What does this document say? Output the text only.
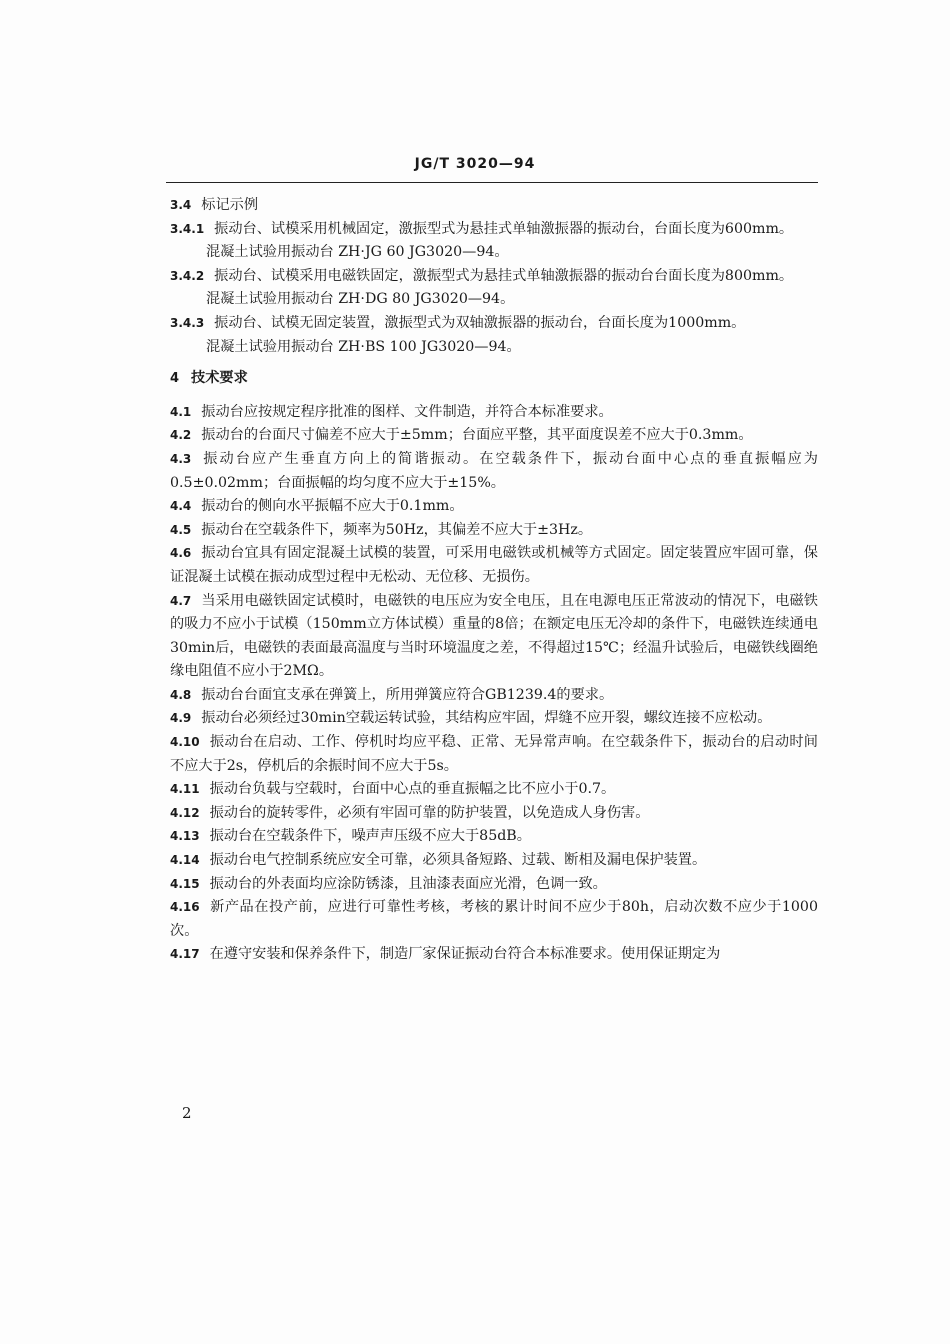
JG/T 3020—94

3.4 标记示例

3.4.1 振动台、试模采用机械固定，激振型式为悬挂式单轴激振器的振动台，台面长度为600mm。

混凝土试验用振动台 ZH·JG 60 JG3020—94。

3.4.2 振动台、试模采用电磁铁固定，激振型式为悬挂式单轴激振器的振动台台面长度为800mm。

混凝土试验用振动台 ZH·DG 80 JG3020—94。

3.4.3 振动台、试模无固定装置，激振型式为双轴激振器的振动台，台面长度为1000mm。

混凝土试验用振动台 ZH·BS 100 JG3020—94。

4 技术要求

4.1 振动台应按规定程序批准的图样、文件制造，并符合本标准要求。

4.2 振动台的台面尺寸偏差不应大于±5mm；台面应平整，其平面度误差不应大于0.3mm。

4.3 振动台应产生垂直方向上的简谐振动。在空载条件下，振动台面中心点的垂直振幅应为0.5±0.02mm；台面振幅的均匀度不应大于±15%。

4.4 振动台的侧向水平振幅不应大于0.1mm。

4.5 振动台在空载条件下，频率为50Hz，其偏差不应大于±3Hz。

4.6 振动台宜具有固定混凝土试模的装置，可采用电磁铁或机械等方式固定。固定装置应牢固可靠，保证混凝土试模在振动成型过程中无松动、无位移、无损伤。

4.7 当采用电磁铁固定试模时，电磁铁的电压应为安全电压，且在电源电压正常波动的情况下，电磁铁的吸力不应小于试模（150mm立方体试模）重量的8倍；在额定电压无冷却的条件下，电磁铁连续通电30min后，电磁铁的表面最高温度与当时环境温度之差，不得超过15℃；经温升试验后，电磁铁线圈绝缘电阻值不应小于2MΩ。

4.8 振动台台面宜支承在弹簧上，所用弹簧应符合GB1239.4的要求。

4.9 振动台必须经过30min空载运转试验，其结构应牢固，焊缝不应开裂，螺纹连接不应松动。

4.10 振动台在启动、工作、停机时均应平稳、正常、无异常声响。在空载条件下，振动台的启动时间不应大于2s，停机后的余振时间不应大于5s。

4.11 振动台负载与空载时，台面中心点的垂直振幅之比不应小于0.7。

4.12 振动台的旋转零件，必须有牢固可靠的防护装置，以免造成人身伤害。

4.13 振动台在空载条件下，噪声声压级不应大于85dB。

4.14 振动台电气控制系统应安全可靠，必须具备短路、过载、断相及漏电保护装置。

4.15 振动台的外表面均应涂防锈漆，且油漆表面应光滑，色调一致。

4.16 新产品在投产前，应进行可靠性考核，考核的累计时间不应少于80h，启动次数不应少于1000次。

4.17 在遵守安装和保养条件下，制造厂家保证振动台符合本标准要求。使用保证期定为

2
